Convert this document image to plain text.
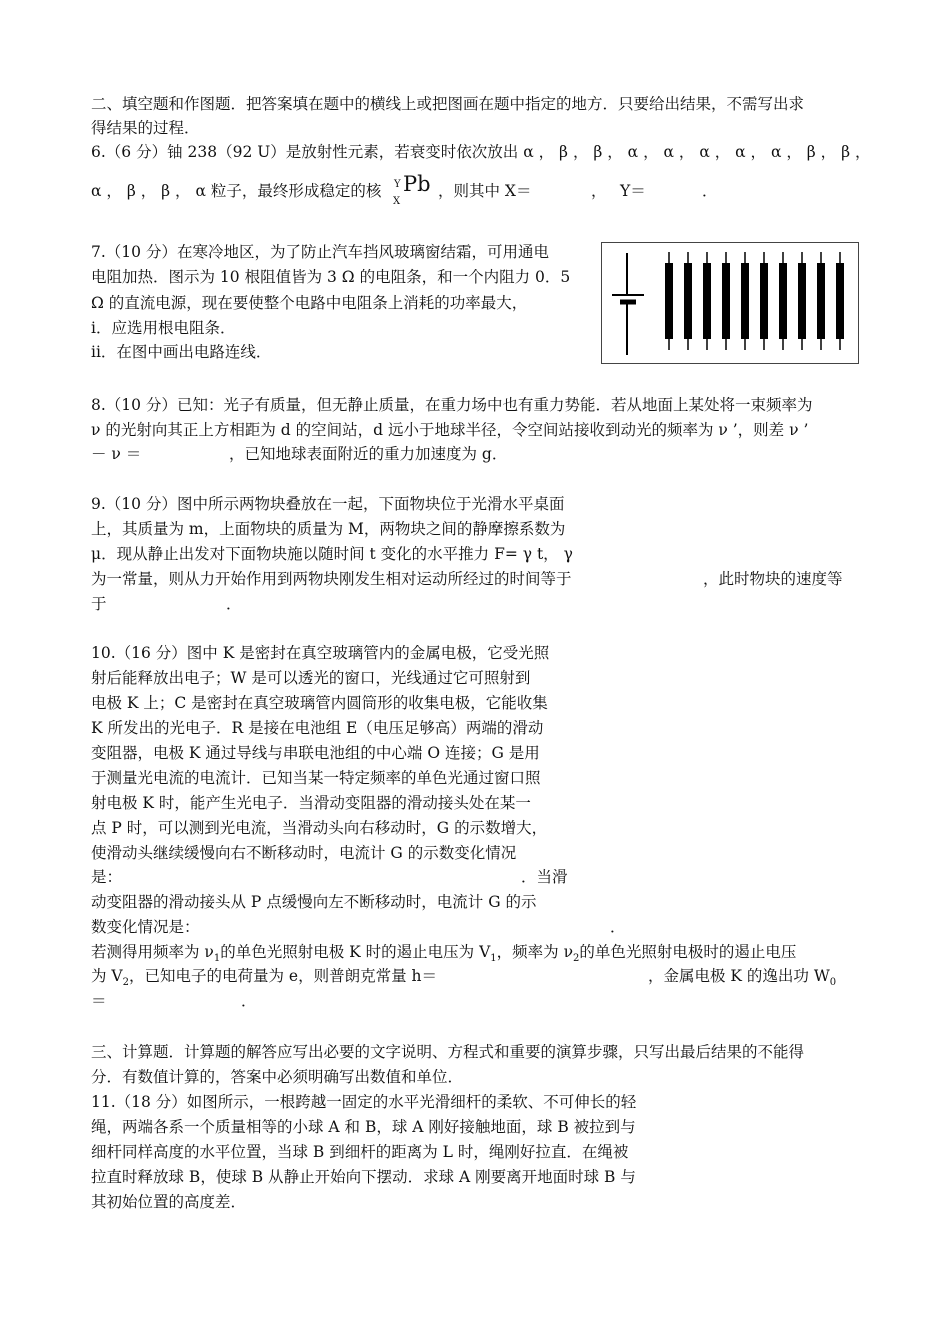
二、填空题和作图题．把答案填在题中的横线上或把图画在题中指定的地方．只要给出结果，不需写出求
得结果的过程．
6.（6 分）铀 238（92 U）是放射性元素，若衰变时依次放出 α ， β ， β ， α ， α ， α ， α ， α ， β ， β ，
α ， β ， β ， α 粒子，最终形成稳定的核 Y
X
Pb ，则其中 X＝	， Y＝	．
7.（10 分）在寒冷地区，为了防止汽车挡风玻璃窗结霜，可用通电
电阻加热．图示为 10 根阻值皆为 3 Ω 的电阻条，和一个内阻力 0．5
Ω 的直流电源，现在要使整个电路中电阻条上消耗的功率最大，
i．应选用根电阻条．
ii．在图中画出电路连线．
8.（10 分）已知：光子有质量，但无静止质量，在重力场中也有重力势能．若从地面上某处将一束频率为
ν 的光射向其正上方相距为 d 的空间站，d 远小于地球半径，令空间站接收到动光的频率为 ν ’，则差 ν ’
－ ν ＝	，已知地球表面附近的重力加速度为 g．
9.（10 分）图中所示两物块叠放在一起，下面物块位于光滑水平桌面
上，其质量为 m，上面物块的质量为 M，两物块之间的静摩擦系数为
μ．现从静止出发对下面物块施以随时间 t 变化的水平推力 F= γ t， γ
为一常量，则从力开始作用到两物块刚发生相对运动所经过的时间等于	，此时物块的速度等
于	．
10.（16 分）图中 K 是密封在真空玻璃管内的金属电极，它受光照
射后能释放出电子；W 是可以透光的窗口，光线通过它可照射到
电极 K 上；C 是密封在真空玻璃管内圆筒形的收集电极，它能收集
K 所发出的光电子．R 是接在电池组 E（电压足够高）两端的滑动
变阻器，电极 K 通过导线与串联电池组的中心端 O 连接；G 是用
于测量光电流的电流计．已知当某一特定频率的单色光通过窗口照
射电极 K 时，能产生光电子．当滑动变阻器的滑动接头处在某一
点 P 时，可以测到光电流，当滑动头向右移动时，G 的示数增大，
使滑动头继续缓慢向右不断移动时，电流计 G 的示数变化情况
是：	．当滑
动变阻器的滑动接头从 P 点缓慢向左不断移动时，电流计 G 的示
数变化情况是：	．
若测得用频率为 $\nu_1$的单色光照射电极 K 时的遏止电压为 $V_1$，频率为 $\nu_2$的单色光照射电极时的遏止电压
为 $V_2$，已知电子的电荷量为 e，则普朗克常量 h＝	，金属电极 K 的逸出功 $W_0$
＝	．
三、计算题．计算题的解答应写出必要的文字说明、方程式和重要的演算步骤，只写出最后结果的不能得
分．有数值计算的，答案中必须明确写出数值和单位．
11.（18 分）如图所示，一根跨越一固定的水平光滑细杆的柔软、不可伸长的轻
绳，两端各系一个质量相等的小球 A 和 B，球 A 刚好接触地面，球 B 被拉到与
细杆同样高度的水平位置，当球 B 到细杆的距离为 L 时，绳刚好拉直．在绳被
拉直时释放球 B，使球 B 从静止开始向下摆动．求球 A 刚要离开地面时球 B 与
其初始位置的高度差．
